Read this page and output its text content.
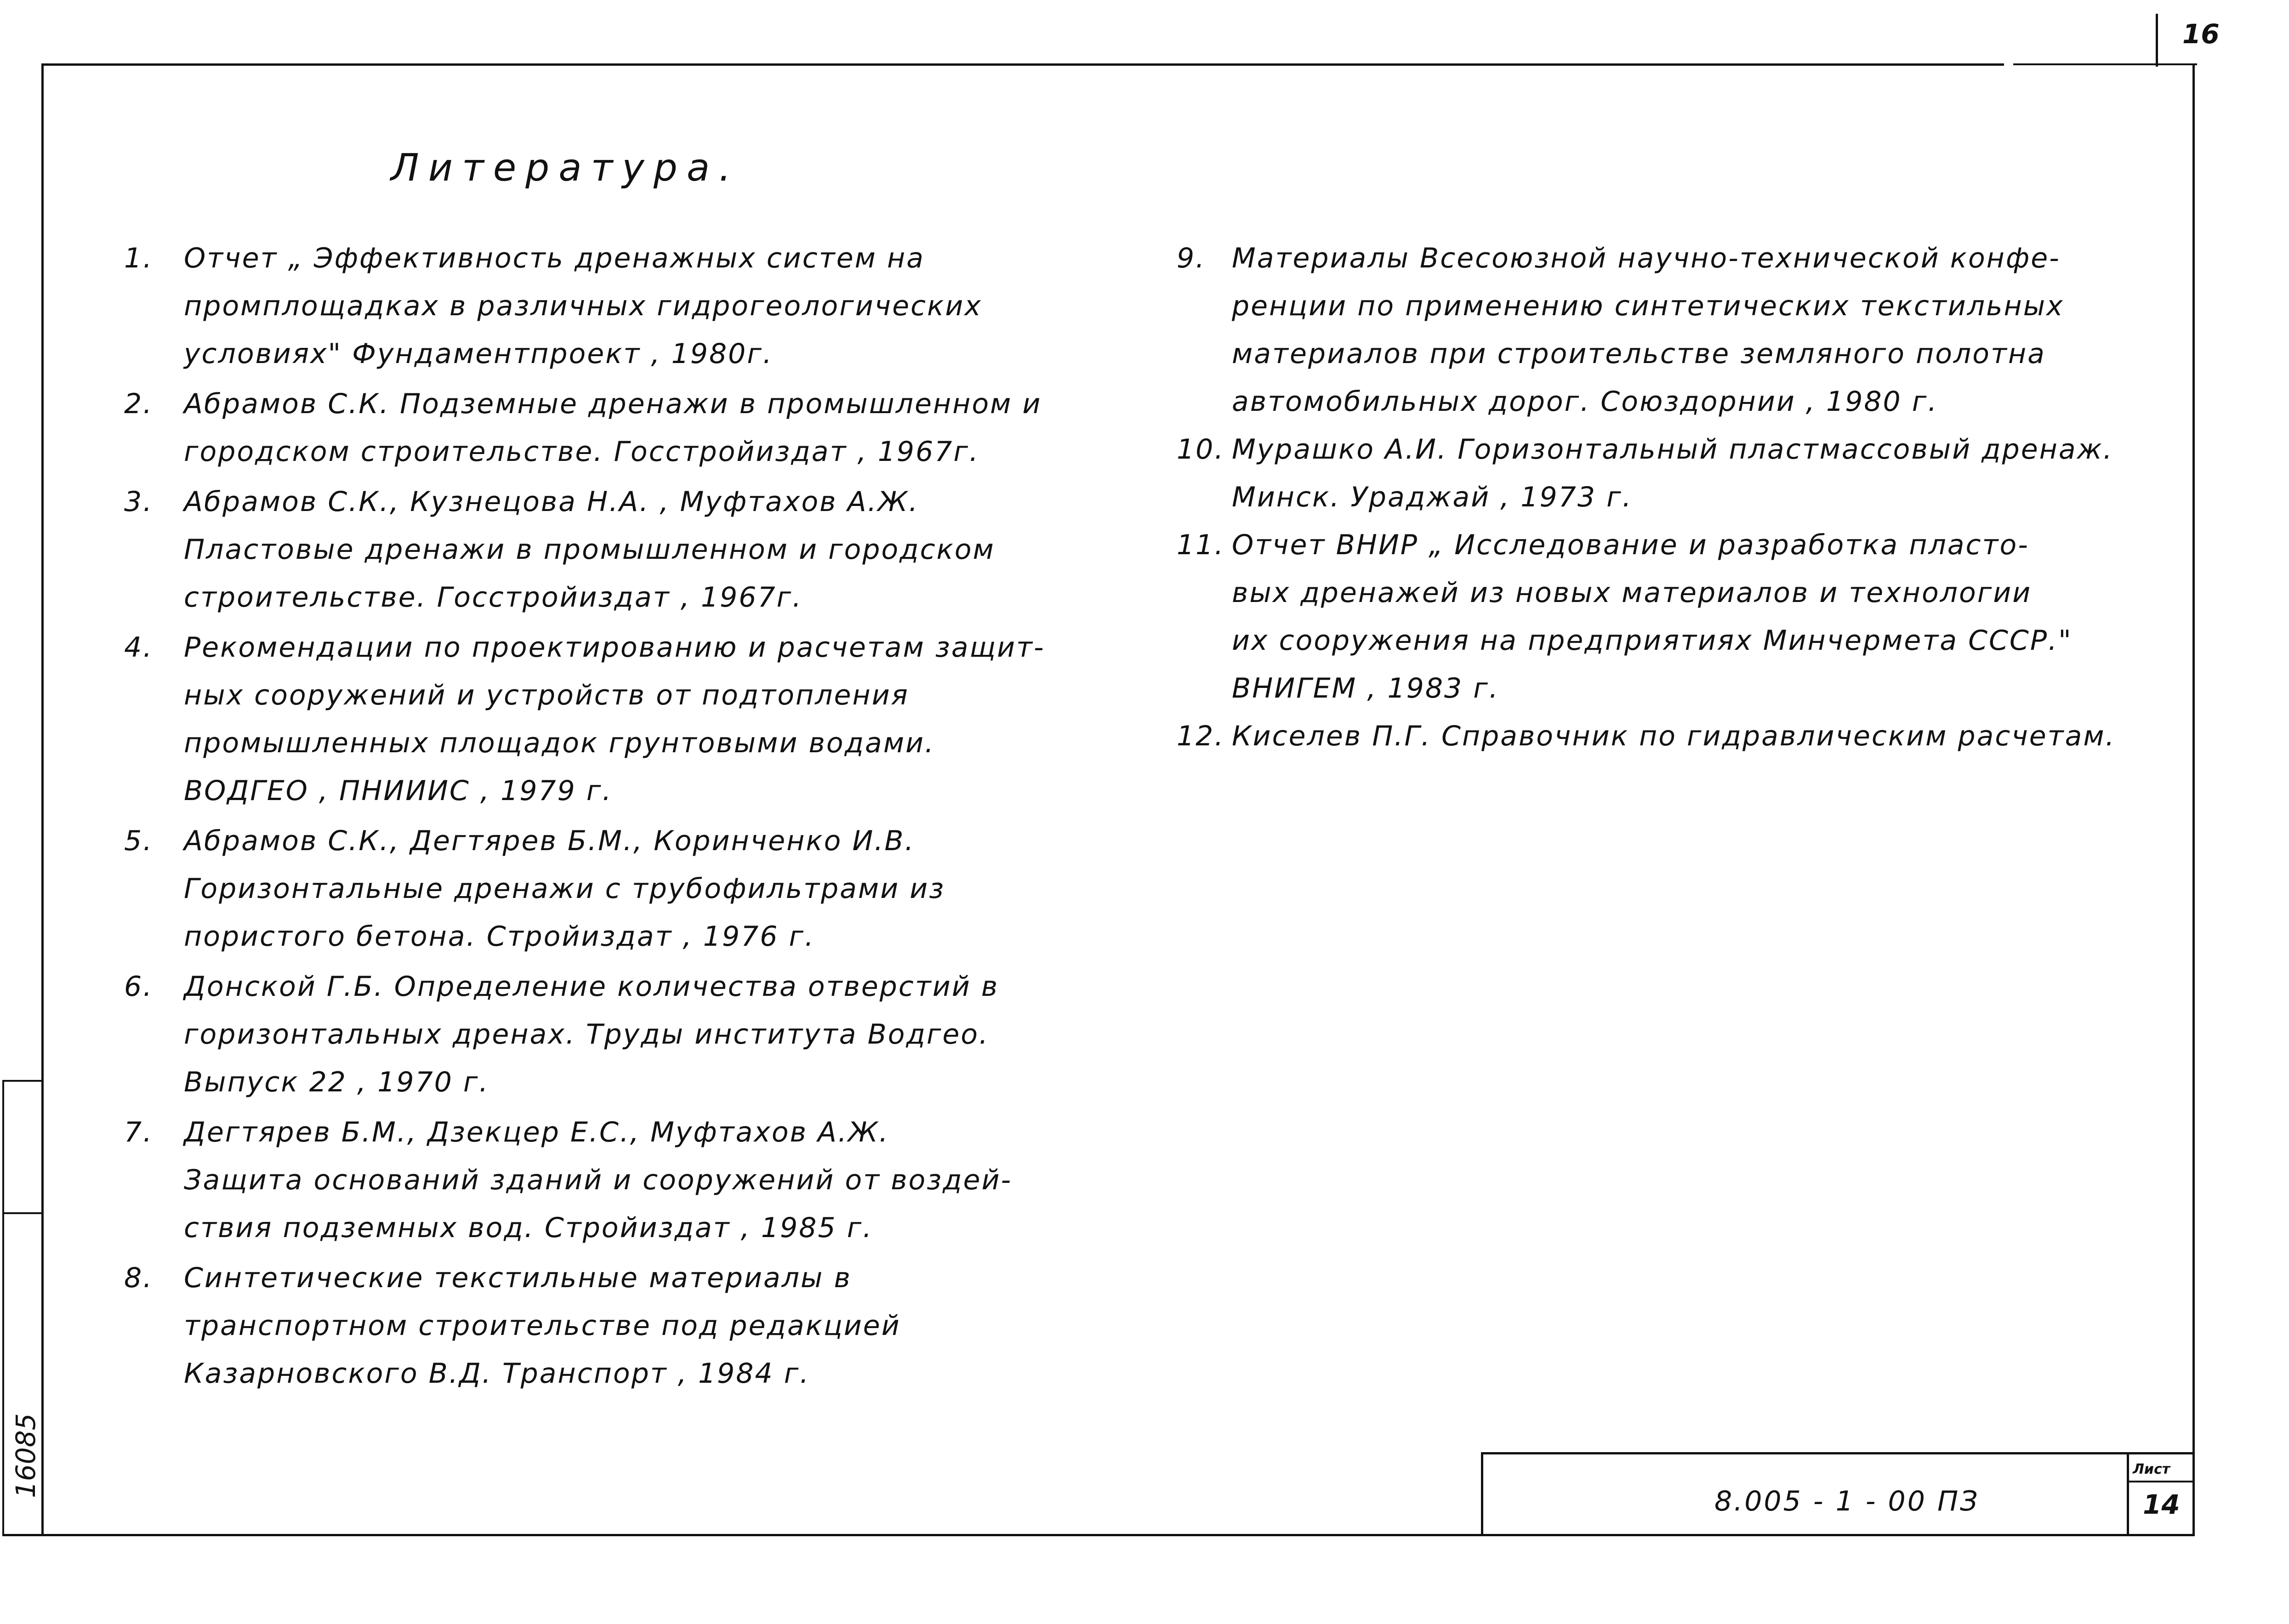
16
Литература.
1. Отчет „ Эффективность дренажных систем на
промплощадках в различных гидрогеологических
условиях" Фундаментпроект , 1980г.
2. Абрамов С.К. Подземные дренажи в промышленном и
городском строительстве. Госстройиздат , 1967г.
3. Абрамов С.К., Кузнецова Н.А. , Муфтахов А.Ж.
Пластовые дренажи в промышленном и городском
строительстве. Госстройиздат , 1967г.
4. Рекомендации по проектированию и расчетам защит-
ных сооружений и устройств от подтопления
промышленных площадок грунтовыми водами.
ВОДГЕО , ПНИИИС , 1979 г.
5. Абрамов С.К., Дегтярев Б.М., Коринченко И.В.
Горизонтальные дренажи с трубофильтрами из
пористого бетона. Стройиздат , 1976 г.
6. Донской Г.Б. Определение количества отверстий в
горизонтальных дренах. Труды института Водгео.
Выпуск 22 , 1970 г.
7. Дегтярев Б.М., Дзекцер Е.С., Муфтахов А.Ж.
Защита оснований зданий и сооружений от воздей-
ствия подземных вод. Стройиздат , 1985 г.
8. Синтетические текстильные материалы в
транспортном строительстве под редакцией
Казарновского В.Д. Транспорт , 1984 г.
9. Материалы Всесоюзной научно-технической конфе-
ренции по применению синтетических текстильных
материалов при строительстве земляного полотна
автомобильных дорог. Союздорнии , 1980 г.
10. Мурашко А.И. Горизонтальный пластмассовый дренаж.
Минск. Ураджай , 1973 г.
11. Отчет ВНИР „ Исследование и разработка пласто-
вых дренажей из новых материалов и технологии
их сооружения на предприятиях Минчермета СССР."
ВНИГЕМ , 1983 г.
12. Киселев П.Г. Справочник по гидравлическим расчетам.
8.005 - 1 - 00 ПЗ
Лист
14
16085
